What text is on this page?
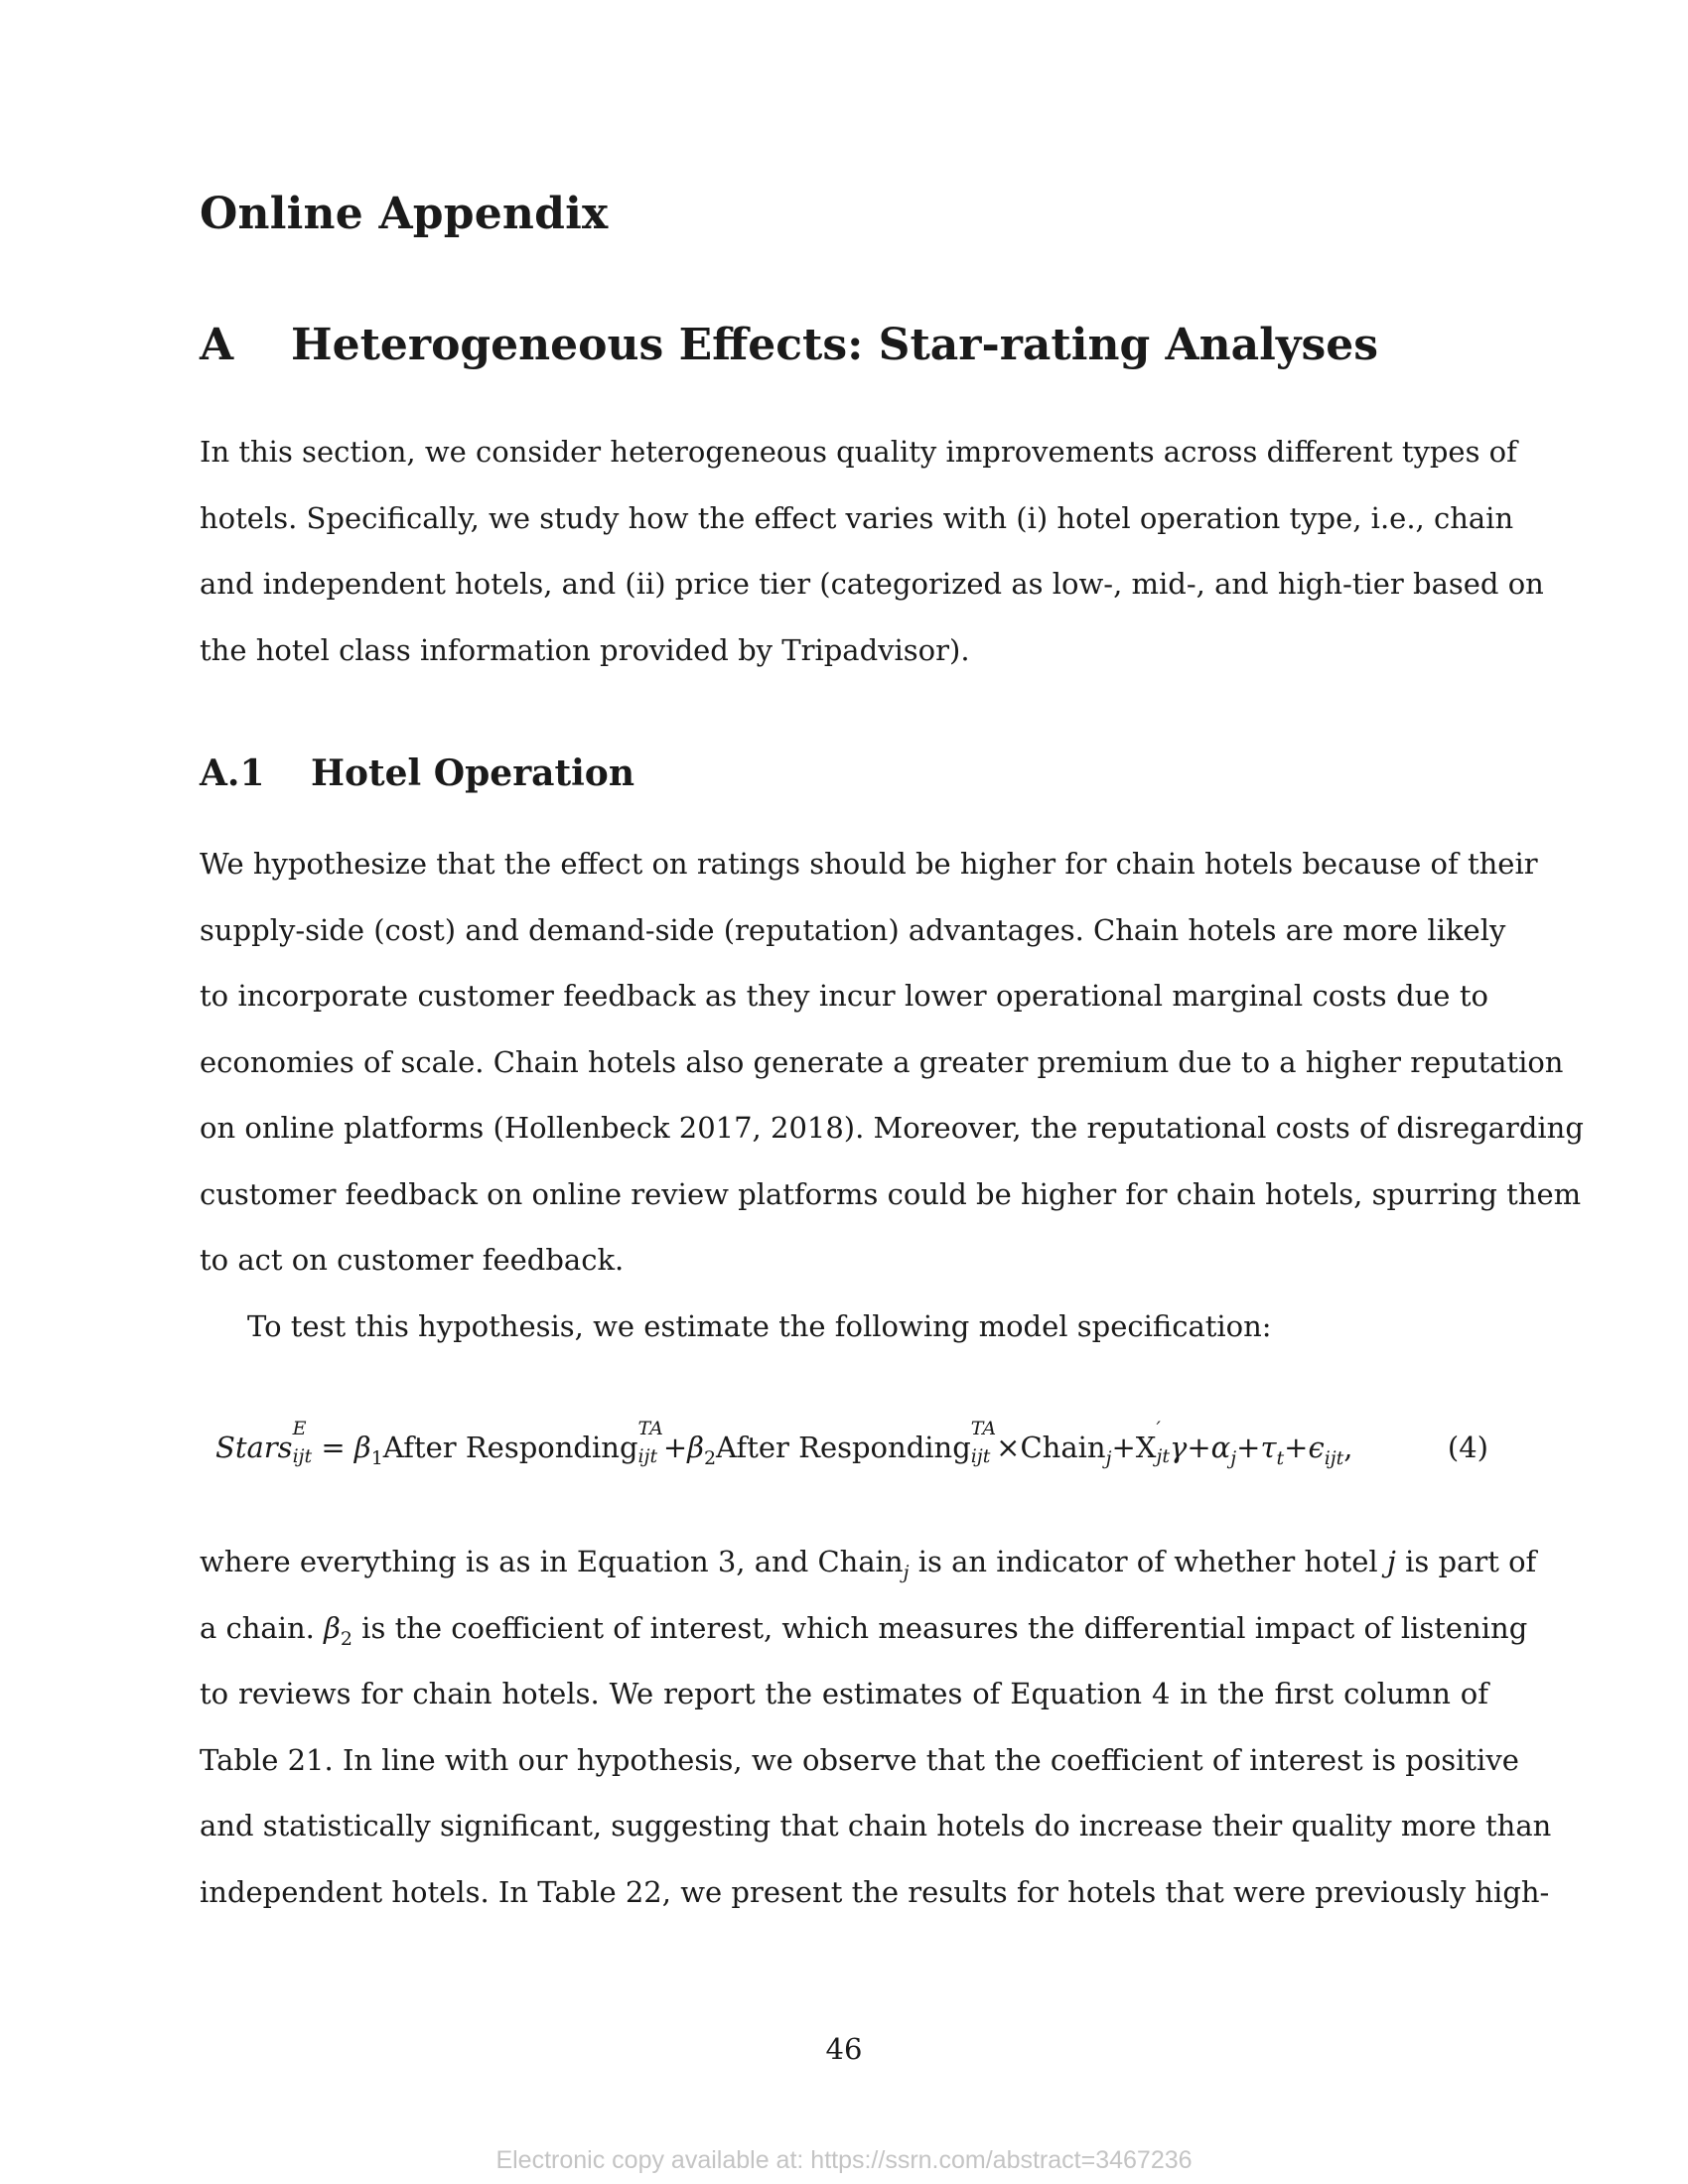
Online Appendix
A Heterogeneous Effects: Star-rating Analyses
In this section, we consider heterogeneous quality improvements across different types of
hotels. Specifically, we study how the effect varies with (i) hotel operation type, i.e., chain
and independent hotels, and (ii) price tier (categorized as low-, mid-, and high-tier based on
the hotel class information provided by Tripadvisor).
A.1 Hotel Operation
We hypothesize that the effect on ratings should be higher for chain hotels because of their
supply-side (cost) and demand-side (reputation) advantages. Chain hotels are more likely
to incorporate customer feedback as they incur lower operational marginal costs due to
economies of scale. Chain hotels also generate a greater premium due to a higher reputation
on online platforms (Hollenbeck 2017, 2018). Moreover, the reputational costs of disregarding
customer feedback on online review platforms could be higher for chain hotels, spurring them
to act on customer feedback.
To test this hypothesis, we estimate the following model specification:
Stars
E
ijt = $\beta_1After$ Responding
TA
ijt $+\beta_2After$ Responding
TA
ijt ×Chain$_j$+X
′
jt $\gamma+\alpha_j+\tau_t+\epsilon_{ijt}$,	(4)
where everything is as in Equation 3, and Chain$_j$ is an indicator of whether hotel j is part of
a chain. $\beta_2$ is the coefficient of interest, which measures the differential impact of listening
to reviews for chain hotels. We report the estimates of Equation 4 in the first column of
Table 21. In line with our hypothesis, we observe that the coefficient of interest is positive
and statistically significant, suggesting that chain hotels do increase their quality more than
independent hotels. In Table 22, we present the results for hotels that were previously high-
46
Electronic copy available at: https://ssrn.com/abstract=3467236
